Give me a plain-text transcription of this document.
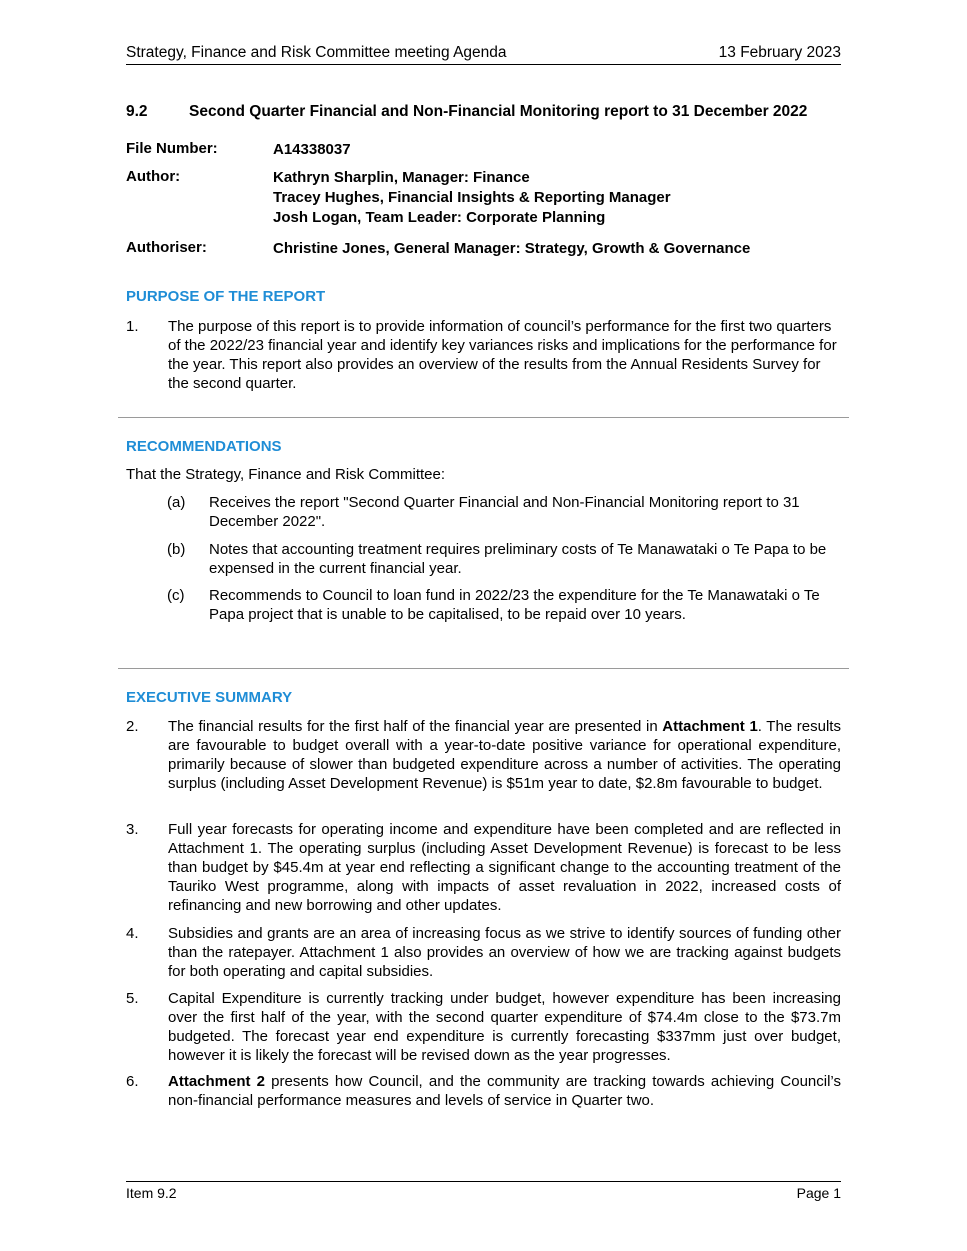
Strategy, Finance and Risk Committee meeting Agenda	13 February 2023
9.2	Second Quarter Financial and Non-Financial Monitoring report to 31 December 2022
File Number:	A14338037
Author:	Kathryn Sharplin, Manager: Finance
Tracey Hughes, Financial Insights & Reporting Manager
Josh Logan, Team Leader: Corporate Planning
Authoriser:	Christine Jones, General Manager: Strategy, Growth & Governance
PURPOSE OF THE REPORT
1. The purpose of this report is to provide information of council’s performance for the first two quarters of the 2022/23 financial year and identify key variances risks and implications for the performance for the year. This report also provides an overview of the results from the Annual Residents Survey for the second quarter.
RECOMMENDATIONS
That the Strategy, Finance and Risk Committee:
(a) Receives the report "Second Quarter Financial and Non-Financial Monitoring report to 31 December 2022".
(b) Notes that accounting treatment requires preliminary costs of Te Manawataki o Te Papa to be expensed in the current financial year.
(c) Recommends to Council to loan fund in 2022/23 the expenditure for the Te Manawataki o Te Papa project that is unable to be capitalised, to be repaid over 10 years.
EXECUTIVE SUMMARY
2. The financial results for the first half of the financial year are presented in Attachment 1. The results are favourable to budget overall with a year-to-date positive variance for operational expenditure, primarily because of slower than budgeted expenditure across a number of activities. The operating surplus (including Asset Development Revenue) is $51m year to date, $2.8m favourable to budget.
3. Full year forecasts for operating income and expenditure have been completed and are reflected in Attachment 1. The operating surplus (including Asset Development Revenue) is forecast to be less than budget by $45.4m at year end reflecting a significant change to the accounting treatment of the Tauriko West programme, along with impacts of asset revaluation in 2022, increased costs of refinancing and new borrowing and other updates.
4. Subsidies and grants are an area of increasing focus as we strive to identify sources of funding other than the ratepayer. Attachment 1 also provides an overview of how we are tracking against budgets for both operating and capital subsidies.
5. Capital Expenditure is currently tracking under budget, however expenditure has been increasing over the first half of the year, with the second quarter expenditure of $74.4m close to the $73.7m budgeted. The forecast year end expenditure is currently forecasting $337mm just over budget, however it is likely the forecast will be revised down as the year progresses.
6. Attachment 2 presents how Council, and the community are tracking towards achieving Council’s non-financial performance measures and levels of service in Quarter two.
Item 9.2	Page 1
